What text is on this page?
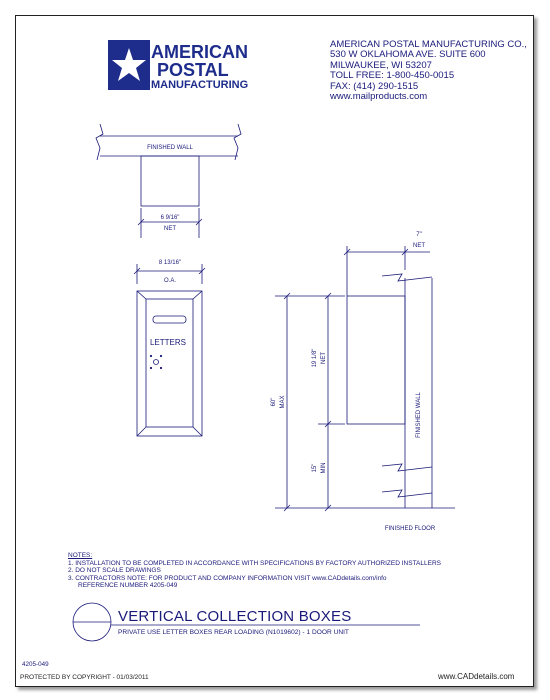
AMERICAN
POSTAL
MANUFACTURING
FINISHED WALL
6 9/16"
NET
8 13/16"
O.A.
LETTERS
7"
NET
FINISHED WALL
FINISHED FLOOR
60" MAX
19 1/8" NET
15" MIN
AMERICAN POSTAL MANUFACTURING CO.,
530 W OKLAHOMA AVE. SUITE 600
MILWAUKEE, WI 53207
TOLL FREE: 1-800-450-0015
FAX: (414) 290-1515
www.mailproducts.com
NOTES:
1. INSTALLATION TO BE COMPLETED IN ACCORDANCE WITH SPECIFICATIONS BY FACTORY AUTHORIZED INSTALLERS
2. DO NOT SCALE DRAWINGS
3. CONTRACTORS NOTE: FOR PRODUCT AND COMPANY INFORMATION VISIT www.CADdetails.com/info
REFERENCE NUMBER 4205-049
VERTICAL COLLECTION BOXES
PRIVATE USE LETTER BOXES REAR LOADING (N1019602) - 1 DOOR UNIT
4205-049
PROTECTED BY COPYRIGHT - 01/03/2011	www.CADdetails.com
